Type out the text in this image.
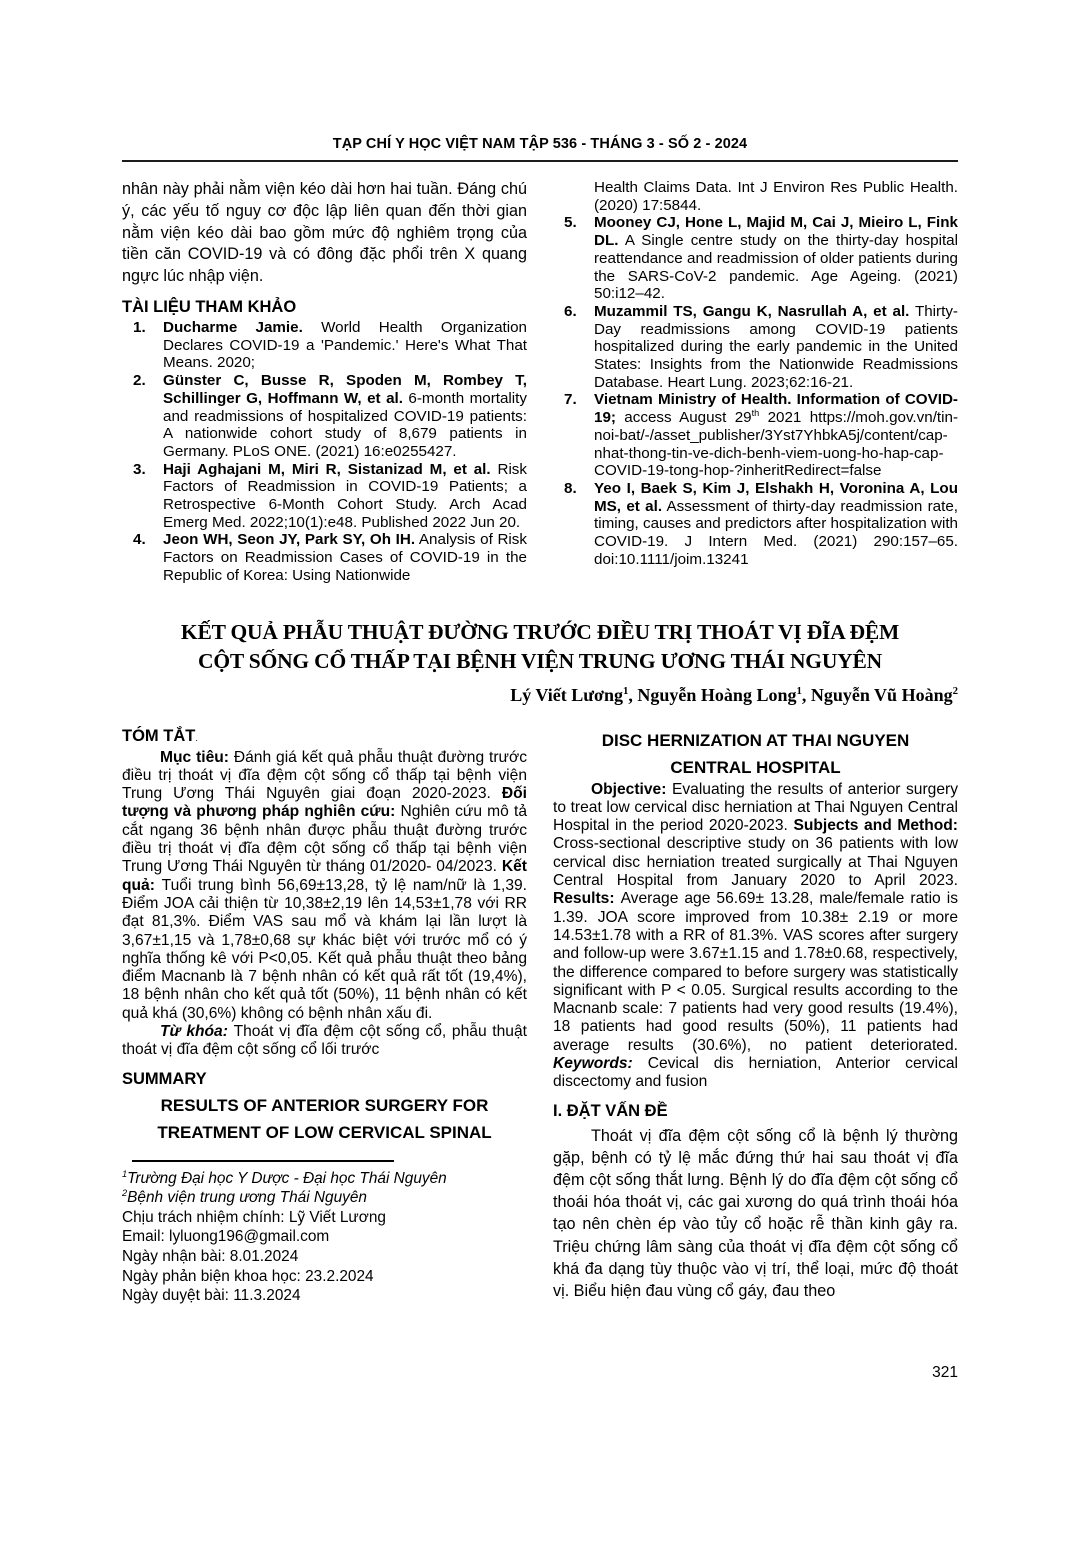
TẠP CHÍ Y HỌC VIỆT NAM TẬP 536 - THÁNG 3 - SỐ 2 - 2024

nhân này phải nằm viện kéo dài hơn hai tuần. Đáng chú ý, các yếu tố nguy cơ độc lập liên quan đến thời gian nằm viện kéo dài bao gồm mức độ nghiêm trọng của tiền căn COVID-19 và có đông đặc phổi trên X quang ngực lúc nhập viện.

TÀI LIỆU THAM KHẢO
1. Ducharme Jamie. World Health Organization Declares COVID-19 a 'Pandemic.' Here's What That Means. 2020;
2. Günster C, Busse R, Spoden M, Rombey T, Schillinger G, Hoffmann W, et al. 6-month mortality and readmissions of hospitalized COVID-19 patients: A nationwide cohort study of 8,679 patients in Germany. PLoS ONE. (2021) 16:e0255427.
3. Haji Aghajani M, Miri R, Sistanizad M, et al. Risk Factors of Readmission in COVID-19 Patients; a Retrospective 6-Month Cohort Study. Arch Acad Emerg Med. 2022;10(1):e48. Published 2022 Jun 20.
4. Jeon WH, Seon JY, Park SY, Oh IH. Analysis of Risk Factors on Readmission Cases of COVID-19 in the Republic of Korea: Using Nationwide
Health Claims Data. Int J Environ Res Public Health. (2020) 17:5844.
5. Mooney CJ, Hone L, Majid M, Cai J, Mieiro L, Fink DL. A Single centre study on the thirty-day hospital reattendance and readmission of older patients during the SARS-CoV-2 pandemic. Age Ageing. (2021) 50:i12–42.
6. Muzammil TS, Gangu K, Nasrullah A, et al. Thirty-Day readmissions among COVID-19 patients hospitalized during the early pandemic in the United States: Insights from the Nationwide Readmissions Database. Heart Lung. 2023;62:16-21.
7. Vietnam Ministry of Health. Information of COVID-19; access August 29th 2021 https://moh.gov.vn/tin-noi-bat/-/asset_publisher/3Yst7YhbkA5j/content/cap-nhat-thong-tin-ve-dich-benh-viem-uong-ho-hap-cap-COVID-19-tong-hop-?inheritRedirect=false
8. Yeo I, Baek S, Kim J, Elshakh H, Voronina A, Lou MS, et al. Assessment of thirty-day readmission rate, timing, causes and predictors after hospitalization with COVID-19. J Intern Med. (2021) 290:157–65. doi:10.1111/joim.13241
KẾT QUẢ PHẪU THUẬT ĐƯỜNG TRƯỚC ĐIỀU TRỊ THOÁT VỊ ĐĨA ĐỆM
CỘT SỐNG CỔ THẤP TẠI BỆNH VIỆN TRUNG ƯƠNG THÁI NGUYÊN
Lý Viết Lương$^1$, Nguyễn Hoàng Long$^1$, Nguyễn Vũ Hoàng$^2$
TÓM TẮT.

Mục tiêu: Đánh giá kết quả phẫu thuật đường trước điều trị thoát vị đĩa đệm cột sống cổ thấp tại bệnh viện Trung Ương Thái Nguyên giai đoạn 2020-2023. Đối tượng và phương pháp nghiên cứu: Nghiên cứu mô tả cắt ngang 36 bệnh nhân được phẫu thuật đường trước điều trị thoát vị đĩa đệm cột sống cổ thấp tại bệnh viện Trung Ương Thái Nguyên từ tháng 01/2020- 04/2023. Kết quả: Tuổi trung bình 56,69±13,28, tỷ lệ nam/nữ là 1,39. Điểm JOA cải thiện từ 10,38±2,19 lên 14,53±1,78 với RR đạt 81,3%. Điểm VAS sau mổ và khám lại lần lượt là 3,67±1,15 và 1,78±0,68 sự khác biệt với trước mổ có ý nghĩa thống kê với P<0,05. Kết quả phẫu thuật theo bảng điểm Macnanb là 7 bệnh nhân có kết quả rất tốt (19,4%), 18 bệnh nhân cho kết quả tốt (50%), 11 bệnh nhân có kết quả khá (30,6%) không có bệnh nhân xấu đi.

Từ khóa: Thoát vị đĩa đệm cột sống cổ, phẫu thuật thoát vị đĩa đệm cột sống cổ lối trước

SUMMARY
RESULTS OF ANTERIOR SURGERY FOR
TREATMENT OF LOW CERVICAL SPINAL
$^1$Trường Đại học Y Dược - Đại học Thái Nguyên
$^2$Bệnh viện trung ương Thái Nguyên
Chịu trách nhiệm chính: Lỹ Viết Lương
Email: lyluong196@gmail.com
Ngày nhận bài: 8.01.2024
Ngày phản biện khoa học: 23.2.2024
Ngày duyệt bài: 11.3.2024
DISC HERNIZATION AT THAI NGUYEN
CENTRAL HOSPITAL

Objective: Evaluating the results of anterior surgery to treat low cervical disc herniation at Thai Nguyen Central Hospital in the period 2020-2023. Subjects and Method: Cross-sectional descriptive study on 36 patients with low cervical disc herniation treated surgically at Thai Nguyen Central Hospital from January 2020 to April 2023. Results: Average age 56.69± 13.28, male/female ratio is 1.39. JOA score improved from 10.38± 2.19 or more 14.53±1.78 with a RR of 81.3%. VAS scores after surgery and follow-up were 3.67±1.15 and 1.78±0.68, respectively, the difference compared to before surgery was statistically significant with P < 0.05. Surgical results according to the Macnanb scale: 7 patients had very good results (19.4%), 18 patients had good results (50%), 11 patients had average results (30.6%), no patient deteriorated. Keywords: Cevical dis herniation, Anterior cervical discectomy and fusion

I. ĐẶT VẤN ĐỀ

Thoát vị đĩa đệm cột sống cổ là bệnh lý thường gặp, bệnh có tỷ lệ mắc đứng thứ hai sau thoát vị đĩa đệm cột sống thắt lưng. Bệnh lý do đĩa đệm cột sống cổ thoái hóa thoát vị, các gai xương do quá trình thoái hóa tạo nên chèn ép vào tủy cổ hoặc rễ thần kinh gây ra. Triệu chứng lâm sàng của thoát vị đĩa đệm cột sống cổ khá đa dạng tùy thuộc vào vị trí, thể loại, mức độ thoát vị. Biểu hiện đau vùng cổ gáy, đau theo

321
